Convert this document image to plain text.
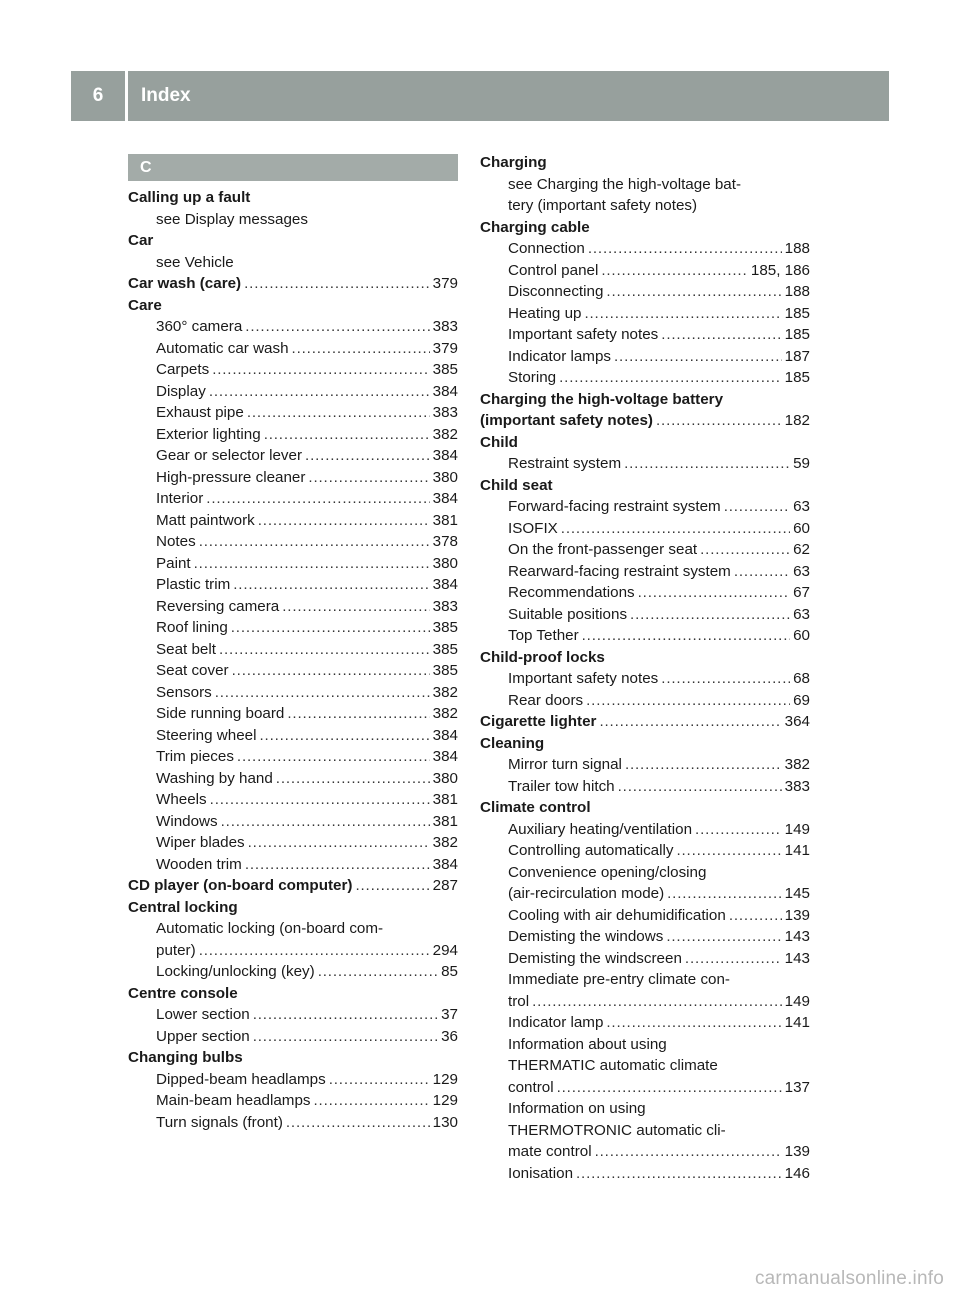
6	Index
C
Calling up a fault
see Display messages
Car
see Vehicle
Car wash (care) . . .	379
Care
360° camera . . .	383
Automatic car wash . . .	379
Carpets . . .	385
Display . . .	384
Exhaust pipe . . .	383
Exterior lighting . . .	382
Gear or selector lever . . .	384
High-pressure cleaner . . .	380
Interior . . .	384
Matt paintwork . . .	381
Notes . . .	378
Paint . . .	380
Plastic trim . . .	384
Reversing camera . . .	383
Roof lining . . .	385
Seat belt . . .	385
Seat cover . . .	385
Sensors . . .	382
Side running board . . .	382
Steering wheel . . .	384
Trim pieces . . .	384
Washing by hand . . .	380
Wheels . . .	381
Windows . . .	381
Wiper blades . . .	382
Wooden trim . . .	384
CD player (on-board computer) . . .	287
Central locking
Automatic locking (on-board com-
puter) . . .	294
Locking/unlocking (key) . . .	85
Centre console
Lower section . . .	37
Upper section . . .	36
Changing bulbs
Dipped-beam headlamps . . .	129
Main-beam headlamps . . .	129
Turn signals (front) . . .	130
Charging
see Charging the high-voltage bat-
tery (important safety notes)
Charging cable
Connection . . .	188
Control panel . . .	185, 186
Disconnecting . . .	188
Heating up . . .	185
Important safety notes . . .	185
Indicator lamps . . .	187
Storing . . .	185
Charging the high-voltage battery
(important safety notes) . . .	182
Child
Restraint system . . .	59
Child seat
Forward-facing restraint system . . .	63
ISOFIX . . .	60
On the front-passenger seat . . .	62
Rearward-facing restraint system . . .	63
Recommendations . . .	67
Suitable positions . . .	63
Top Tether . . .	60
Child-proof locks
Important safety notes . . .	68
Rear doors . . .	69
Cigarette lighter . . .	364
Cleaning
Mirror turn signal . . .	382
Trailer tow hitch . . .	383
Climate control
Auxiliary heating/ventilation . . .	149
Controlling automatically . . .	141
Convenience opening/closing
(air-recirculation mode) . . .	145
Cooling with air dehumidification . . .	139
Demisting the windows . . .	143
Demisting the windscreen . . .	143
Immediate pre-entry climate con-
trol . . .	149
Indicator lamp . . .	141
Information about using
THERMATIC automatic climate
control . . .	137
Information on using
THERMOTRONIC automatic cli-
mate control . . .	139
Ionisation . . .	146
carmanualsonline.info
